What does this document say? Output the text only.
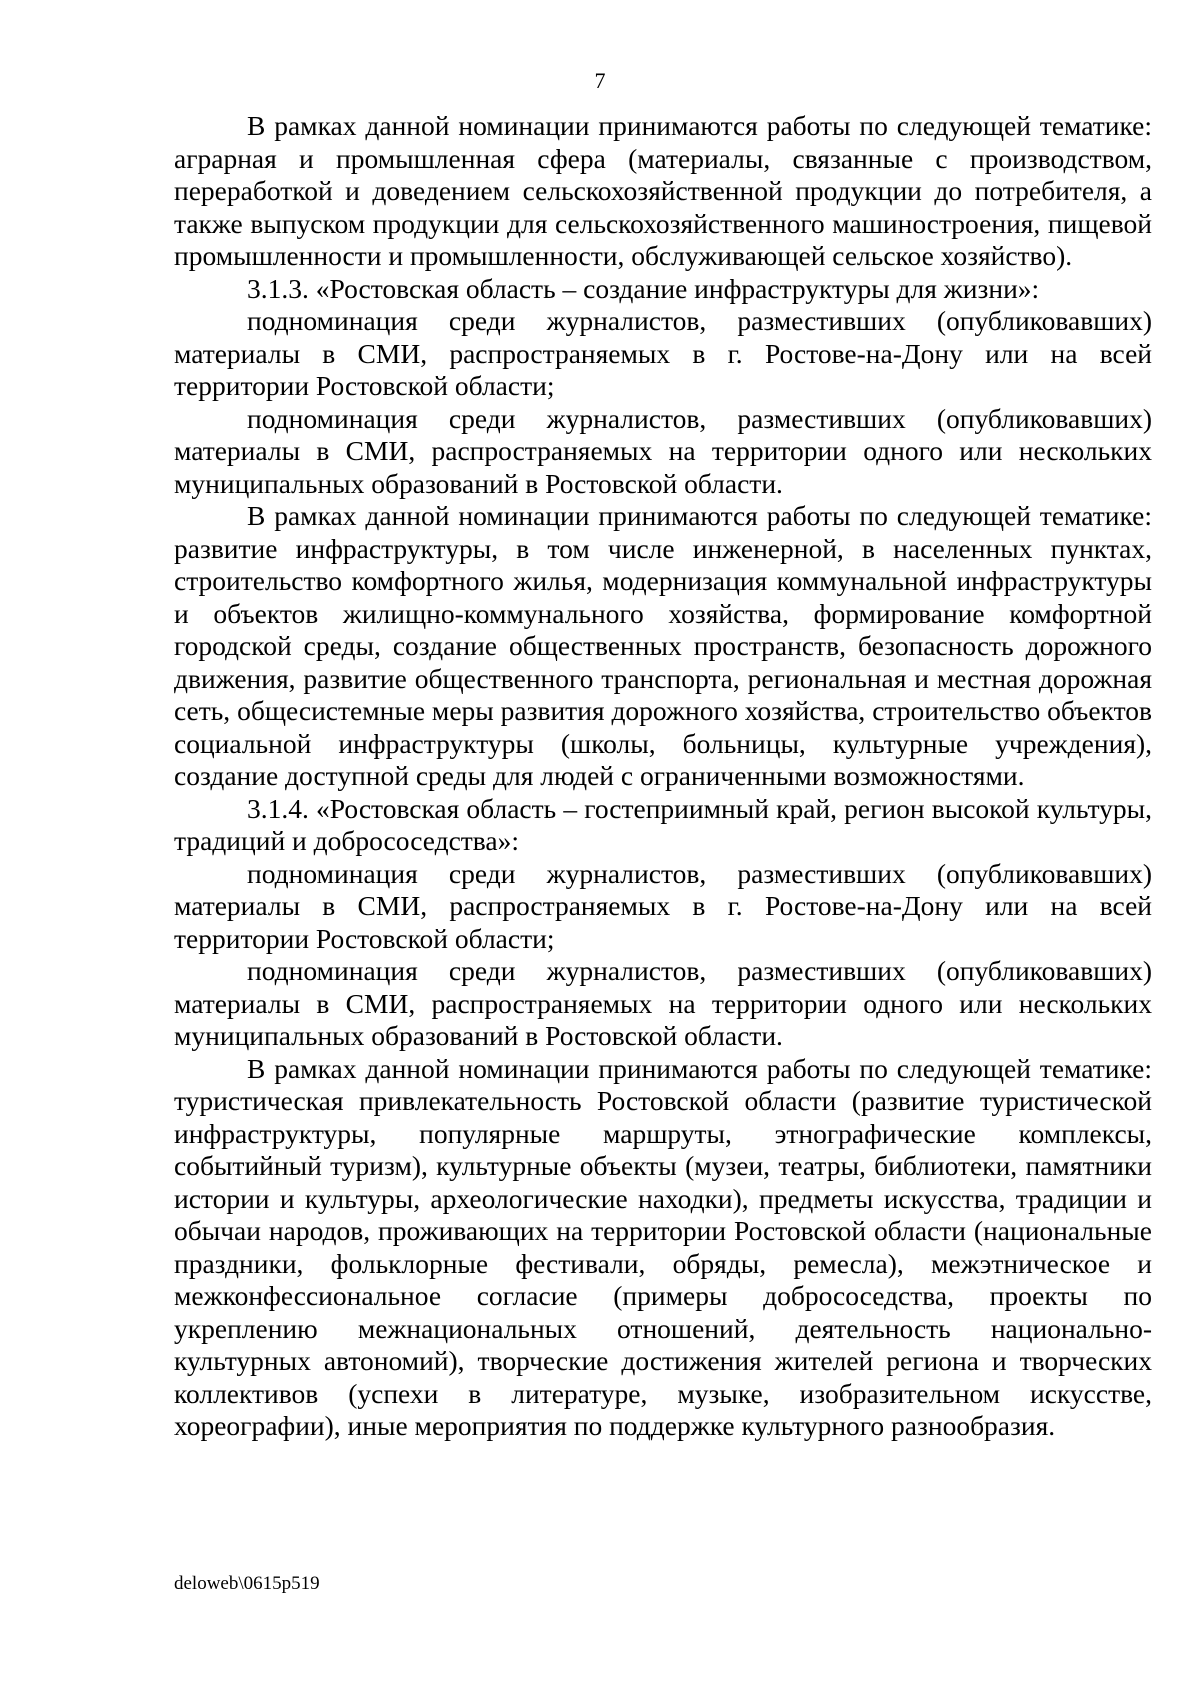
7

В рамках данной номинации принимаются работы по следующей тематике: аграрная и промышленная сфера (материалы, связанные с производством, переработкой и доведением сельскохозяйственной продукции до потребителя, а также выпуском продукции для сельскохозяйственного машиностроения, пищевой промышленности и промышленности, обслуживающей сельское хозяйство).

3.1.3. «Ростовская область – создание инфраструктуры для жизни»:

подноминация среди журналистов, разместивших (опубликовавших) материалы в СМИ, распространяемых в г. Ростове-на-Дону или на всей территории Ростовской области;

подноминация среди журналистов, разместивших (опубликовавших) материалы в СМИ, распространяемых на территории одного или нескольких муниципальных образований в Ростовской области.

В рамках данной номинации принимаются работы по следующей тематике: развитие инфраструктуры, в том числе инженерной, в населенных пунктах, строительство комфортного жилья, модернизация коммунальной инфраструктуры и объектов жилищно-коммунального хозяйства, формирование комфортной городской среды, создание общественных пространств, безопасность дорожного движения, развитие общественного транспорта, региональная и местная дорожная сеть, общесистемные меры развития дорожного хозяйства, строительство объектов социальной инфраструктуры (школы, больницы, культурные учреждения), создание доступной среды для людей с ограниченными возможностями.

3.1.4. «Ростовская область – гостеприимный край, регион высокой культуры, традиций и добрососедства»:

подноминация среди журналистов, разместивших (опубликовавших) материалы в СМИ, распространяемых в г. Ростове-на-Дону или на всей территории Ростовской области;

подноминация среди журналистов, разместивших (опубликовавших) материалы в СМИ, распространяемых на территории одного или нескольких муниципальных образований в Ростовской области.

В рамках данной номинации принимаются работы по следующей тематике: туристическая привлекательность Ростовской области (развитие туристической инфраструктуры, популярные маршруты, этнографические комплексы, событийный туризм), культурные объекты (музеи, театры, библиотеки, памятники истории и культуры, археологические находки), предметы искусства, традиции и обычаи народов, проживающих на территории Ростовской области (национальные праздники, фольклорные фестивали, обряды, ремесла), межэтническое и межконфессиональное согласие (примеры добрососедства, проекты по укреплению межнациональных отношений, деятельность национально-культурных автономий), творческие достижения жителей региона и творческих коллективов (успехи в литературе, музыке, изобразительном искусстве, хореографии), иные мероприятия по поддержке культурного разнообразия.

deloweb\0615p519
